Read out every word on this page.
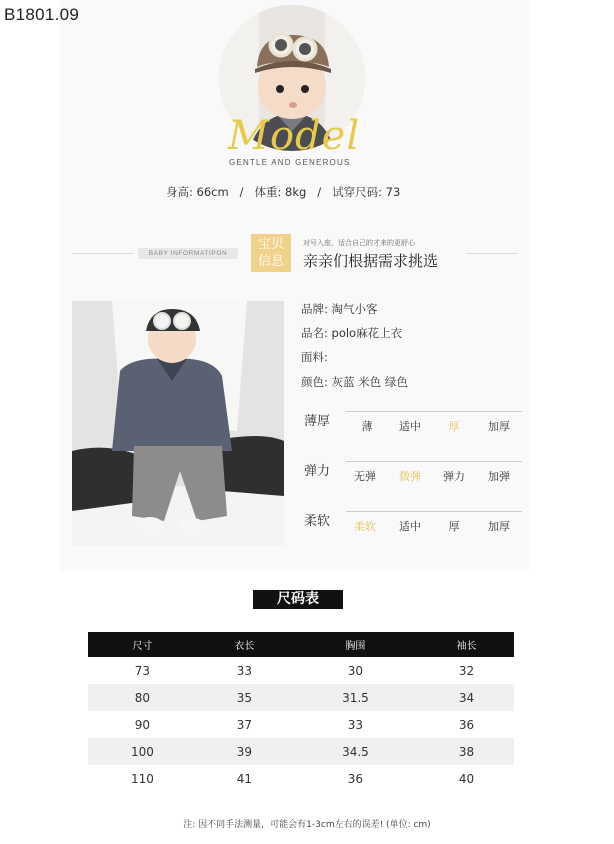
B1801.09
Model
GENTLE AND GENEROUS
身高: 66cm   /   体重: 8kg   /   试穿尺码: 73
BABY INFORMATIPON
宝贝
信息
对号入座，适合自己的才来的更舒心
亲亲们根据需求挑选
品牌: 淘气小客
品名: polo麻花上衣
面料:
颜色: 灰蓝 米色 绿色
薄厚	薄	适中	厚	加厚
弹力	无弹	微弹	弹力	加弹
柔软	柔软	适中	厚	加厚
尺码表
尺寸	衣长	胸围	袖长
73	33	30	32
80	35	31.5	34
90	37	33	36
100	39	34.5	38
110	41	36	40
注: 因不同手法测量，可能会有1-3cm左右的误差! (单位: cm)
